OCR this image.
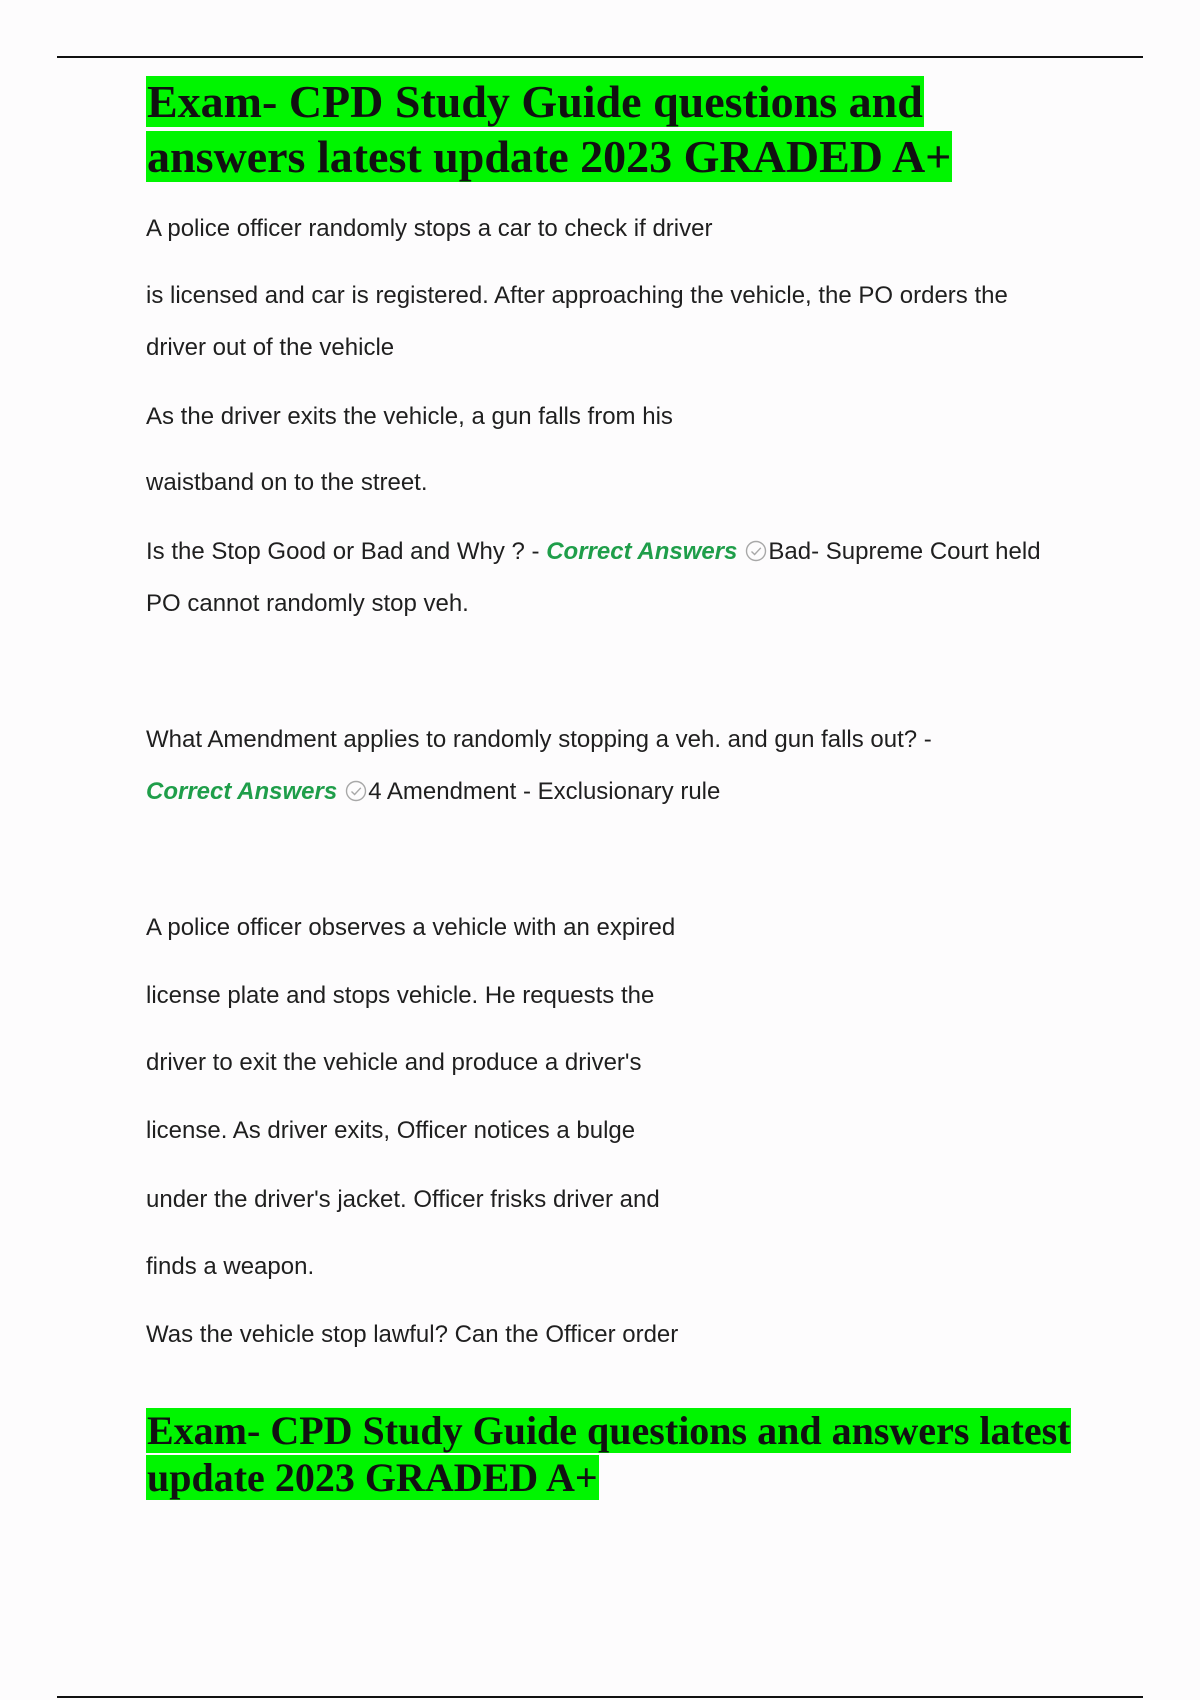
Exam- CPD Study Guide questions and answers latest update 2023 GRADED A+

A police officer randomly stops a car to check if driver

is licensed and car is registered. After approaching the vehicle, the PO orders the

driver out of the vehicle

As the driver exits the vehicle, a gun falls from his

waistband on to the street.

Is the Stop Good or Bad and Why ? - Correct Answers Bad- Supreme Court held

PO cannot randomly stop veh.

What Amendment applies to randomly stopping a veh. and gun falls out? -

Correct Answers 4 Amendment - Exclusionary rule

A police officer observes a vehicle with an expired

license plate and stops vehicle. He requests the

driver to exit the vehicle and produce a driver's

license. As driver exits, Officer notices a bulge

under the driver's jacket. Officer frisks driver and

finds a weapon.

Was the vehicle stop lawful? Can the Officer order

Exam- CPD Study Guide questions and answers latest update 2023 GRADED A+
